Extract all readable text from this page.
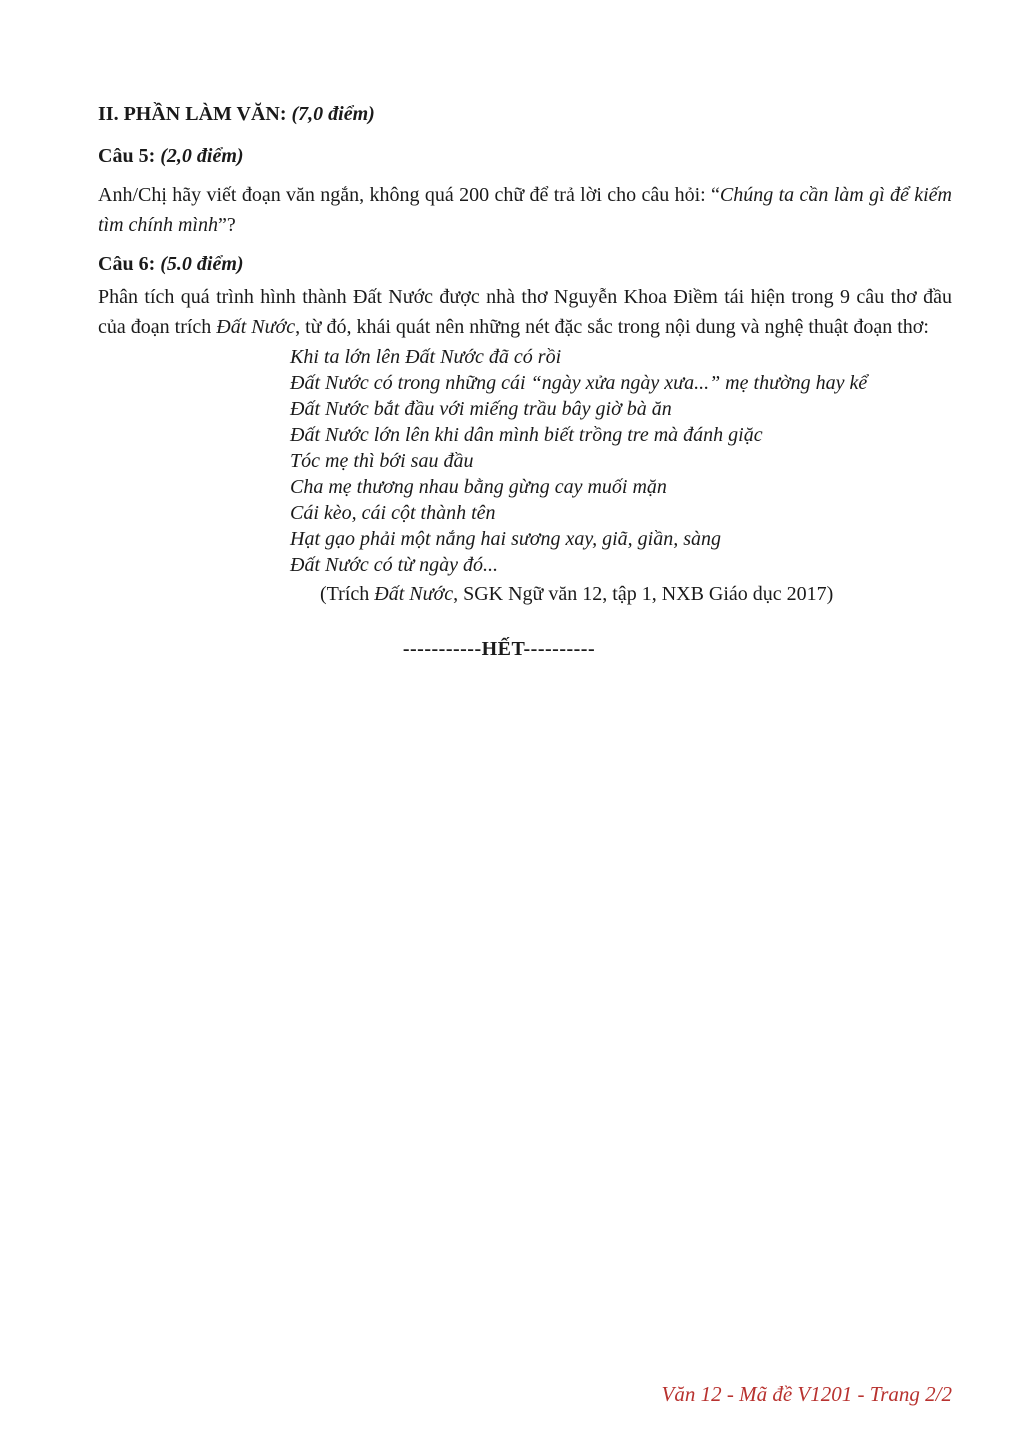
II. PHẦN LÀM VĂN: (7,0 điểm)
Câu 5: (2,0 điểm)
Anh/Chị hãy viết đoạn văn ngắn, không quá 200 chữ để trả lời cho câu hỏi: “Chúng ta cần làm gì để kiếm tìm chính mình”?
Câu 6: (5.0 điểm)
Phân tích quá trình hình thành Đất Nước được nhà thơ Nguyễn Khoa Điềm tái hiện trong 9 câu thơ đầu của đoạn trích Đất Nước, từ đó, khái quát nên những nét đặc sắc trong nội dung và nghệ thuật đoạn thơ:
Khi ta lớn lên Đất Nước đã có rồi
Đất Nước có trong những cái “ngày xửa ngày xưa...” mẹ thường hay kể
Đất Nước bắt đầu với miếng trầu bây giờ bà ăn
Đất Nước lớn lên khi dân mình biết trồng tre mà đánh giặc
Tóc mẹ thì bới sau đầu
Cha mẹ thương nhau bằng gừng cay muối mặn
Cái kèo, cái cột thành tên
Hạt gạo phải một nắng hai sương xay, giã, giần, sàng
Đất Nước có từ ngày đó...
(Trích Đất Nước, SGK Ngữ văn 12, tập 1, NXB Giáo dục 2017)
-----------HẾT----------
Văn 12 - Mã đề V1201 - Trang 2/2
